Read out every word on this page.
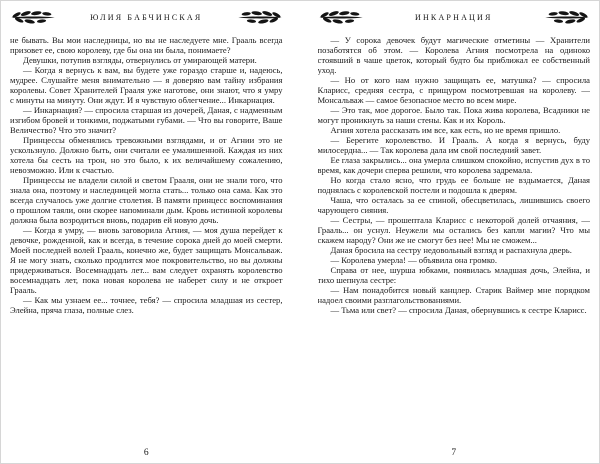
ЮЛИЯ БАБЧИНСКАЯ

не бывать. Вы мои наследницы, но вы не наследуете мне. Грааль всегда призовет ее, свою королеву, где бы она ни была, понимаете?

Девушки, потупив взгляды, отвернулись от умирающей матери.

— Когда я вернусь к вам, вы будете уже гораздо старше и, надеюсь, мудрее. Слушайте меня внимательно — я доверяю вам тайну избрания королевы. Совет Хранителей Грааля уже наготове, они знают, что я умру с минуты на минуту. Они ждут. И я чувствую облегчение... Инкарнация.

— Инкарнация? — спросила старшая из дочерей, Даная, с надменным изгибом бровей и тонкими, поджатыми губами. — Что вы говорите, Ваше Величество? Что это значит?

Принцессы обменялись тревожными взглядами, и от Агнии это не ускользнуло. Должно быть, они считали ее умалишенной. Каждая из них хотела бы сесть на трон, но это было, к их величайшему сожалению, невозможно. Или к счастью.

Принцессы не владели силой и светом Грааля, они не знали того, что знала она, поэтому и наследницей могла стать... только она сама. Как это всегда случалось уже долгие столетия. В памяти принцесс воспоминания о прошлом таяли, они скорее напоминали дым. Кровь истинной королевы должна была возродиться вновь, подарив ей новую дочь.

— Когда я умру, — вновь заговорила Агния, — моя душа перейдет к девочке, рожденной, как и всегда, в течение сорока дней до моей смерти. Моей последней волей Грааль, конечно же, будет защищать Монсальваж. Я не могу знать, сколько продлится мое покровительство, но вы должны придерживаться. Восемнадцать лет... вам следует охранять королевство восемнадцать лет, пока новая королева не наберет силу и не откроет Грааль.

— Как мы узнаем ее... точнее, тебя? — спросила младшая из сестер, Элейна, пряча глаза, полные слез.

6
ИНКАРНАЦИЯ

— У сорока девочек будут магические отметины — Хранители позаботятся об этом. — Королева Агния посмотрела на одиноко стоявший в чаше цветок, который будто бы приближал ее собственный уход.

— Но от кого нам нужно защищать ее, матушка? — спросила Кларисс, средняя сестра, с прищуром посмотревшая на королеву. — Монсальваж — самое безопасное место во всем мире.

— Это так, мое дорогое. Было так. Пока жива королева, Всадники не могут проникнуть за наши стены. Как и их Король.

Агния хотела рассказать им все, как есть, но не время пришло.

— Берегите королевство. И Грааль. А когда я вернусь, буду милосердна... — Так королева дала им свой последний завет.

Ее глаза закрылись... она умерла слишком спокойно, испустив дух в то время, как дочери сперва решили, что королева задремала.

Но когда стало ясно, что грудь ее больше не вздымается, Даная поднялась с королевской постели и подошла к дверям.

Чаша, что осталась за ее спиной, обесцветилась, лишившись своего чарующего сияния.

— Сестры, — прошептала Кларисс с некоторой долей отчаяния, — Грааль... он уснул. Неужели мы остались без капли магии? Что мы скажем народу? Они же не смогут без нее! Мы не сможем...

Даная бросила на сестру недовольный взгляд и распахнула дверь.

— Королева умерла! — объявила она громко.

Справа от нее, шурша юбками, появилась младшая дочь, Элейна, и тихо шепнула сестре:

— Нам понадобится новый канцлер. Старик Ваймер мне порядком надоел своими разглагольствованиями.

— Тьма или свет? — спросила Даная, обернувшись к сестре Кларисс.

7
